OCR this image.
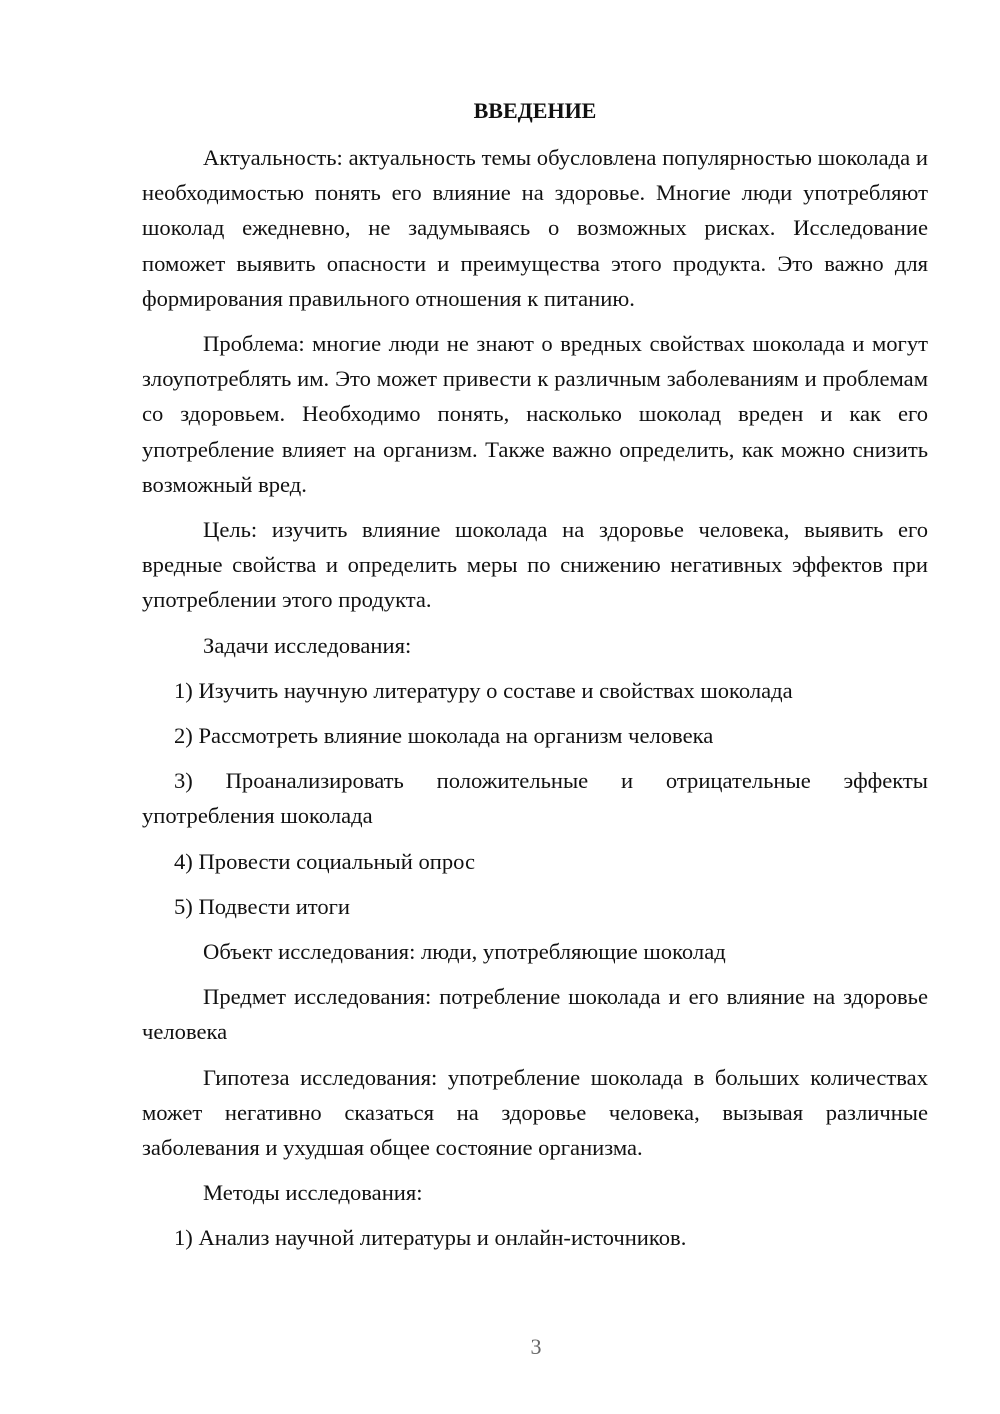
ВВЕДЕНИЕ

Актуальность: актуальность темы обусловлена популярностью шоколада и необходимостью понять его влияние на здоровье. Многие люди употребляют шоколад ежедневно, не задумываясь о возможных рисках. Исследование поможет выявить опасности и преимущества этого продукта. Это важно для формирования правильного отношения к питанию.

Проблема: многие люди не знают о вредных свойствах шоколада и могут злоупотреблять им. Это может привести к различным заболеваниям и проблемам со здоровьем. Необходимо понять, насколько шоколад вреден и как его употребление влияет на организм. Также важно определить, как можно снизить возможный вред.

Цель: изучить влияние шоколада на здоровье человека, выявить его вредные свойства и определить меры по снижению негативных эффектов при употреблении этого продукта.

Задачи исследования:

1) Изучить научную литературу о составе и свойствах шоколада

2) Рассмотреть влияние шоколада на организм человека

3) Проанализировать положительные и отрицательные эффекты употребления шоколада

4) Провести социальный опрос

5) Подвести итоги

Объект исследования: люди, употребляющие шоколад

Предмет исследования: потребление шоколада и его влияние на здоровье человека

Гипотеза исследования: употребление шоколада в больших количествах может негативно сказаться на здоровье человека, вызывая различные заболевания и ухудшая общее состояние организма.

Методы исследования:

1) Анализ научной литературы и онлайн-источников.

3
